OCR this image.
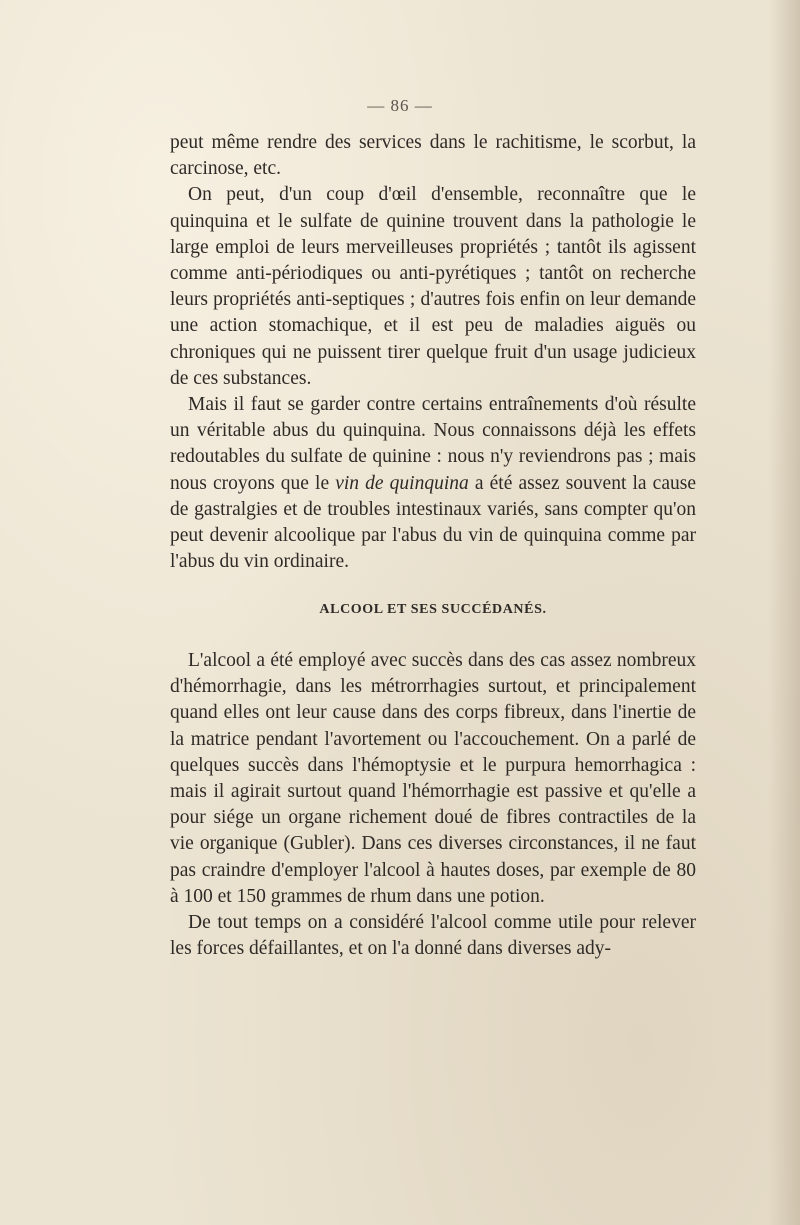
— 86 —

peut même rendre des services dans le rachitisme, le scorbut, la carcinose, etc.

On peut, d'un coup d'œil d'ensemble, reconnaître que le quinquina et le sulfate de quinine trouvent dans la pathologie le large emploi de leurs merveilleuses propriétés ; tantôt ils agissent comme anti-périodiques ou anti-pyrétiques ; tantôt on recherche leurs propriétés anti-septiques ; d'autres fois enfin on leur demande une action stomachique, et il est peu de maladies aiguës ou chroniques qui ne puissent tirer quelque fruit d'un usage judicieux de ces substances.

Mais il faut se garder contre certains entraînements d'où résulte un véritable abus du quinquina. Nous connaissons déjà les effets redoutables du sulfate de quinine : nous n'y reviendrons pas ; mais nous croyons que le vin de quinquina a été assez souvent la cause de gastralgies et de troubles intestinaux variés, sans compter qu'on peut devenir alcoolique par l'abus du vin de quinquina comme par l'abus du vin ordinaire.

ALCOOL ET SES SUCCÉDANÉS.

L'alcool a été employé avec succès dans des cas assez nombreux d'hémorrhagie, dans les métrorrhagies surtout, et principalement quand elles ont leur cause dans des corps fibreux, dans l'inertie de la matrice pendant l'avortement ou l'accouchement. On a parlé de quelques succès dans l'hémoptysie et le purpura hemorrhagica : mais il agirait surtout quand l'hémorrhagie est passive et qu'elle a pour siége un organe richement doué de fibres contractiles de la vie organique (Gubler). Dans ces diverses circonstances, il ne faut pas craindre d'employer l'alcool à hautes doses, par exemple de 80 à 100 et 150 grammes de rhum dans une potion.

De tout temps on a considéré l'alcool comme utile pour relever les forces défaillantes, et on l'a donné dans diverses ady-
